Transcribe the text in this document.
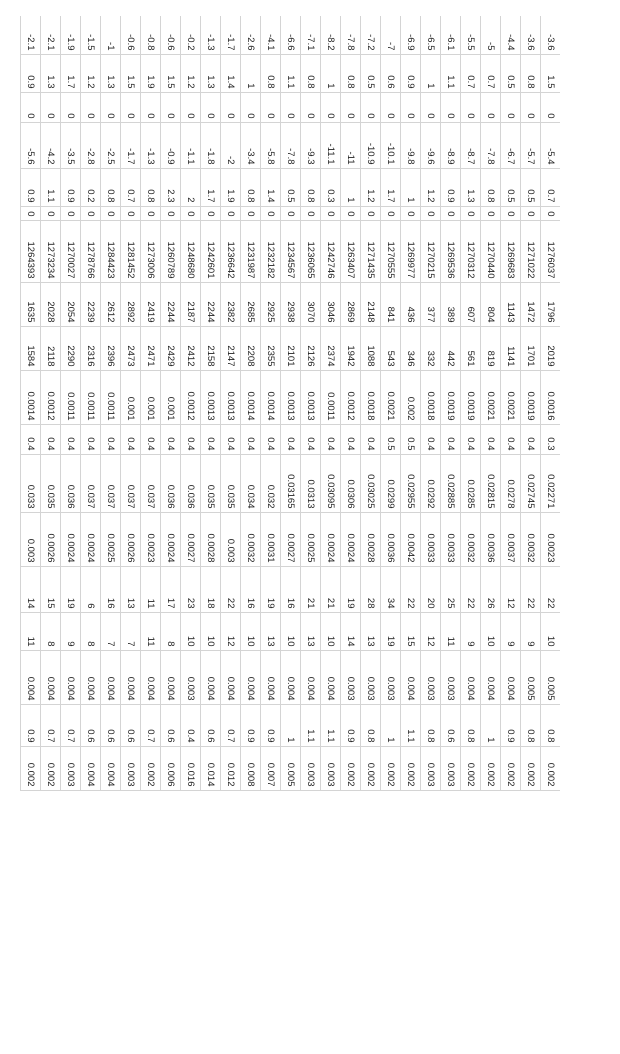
-3.6	1.5	0	-5.4	0.7	0	1276037	1796	2019	0.0016	0.3	0.02271	0.0023	22	10	0.005	0.8	0.002
-3.6	0.8	0	-5.7	0.5	0	1271022	1472	1701	0.0019	0.4	0.02745	0.0032	22	9	0.005	0.8	0.002
-4.4	0.5	0	-6.7	0.5	0	1269683	1143	1141	0.0021	0.4	0.0278	0.0037	12	9	0.004	0.9	0.002
-5	0.7	0	-7.8	0.8	0	1270440	804	819	0.0021	0.4	0.02815	0.0036	26	10	0.004	1	0.002
-5.5	0.7	0	-8.7	1.3	0	1270312	607	561	0.0019	0.4	0.0285	0.0032	22	9	0.004	0.8	0.002
-6.1	1.1	0	-8.9	0.9	0	1269536	389	442	0.0019	0.4	0.02885	0.0033	25	11	0.003	0.6	0.003
-6.5	1	0	-9.6	1.2	0	1270215	377	332	0.0018	0.4	0.0292	0.0033	20	12	0.003	0.8	0.003
-6.9	0.9	0	-9.8	1	0	1269977	436	346	0.002	0.5	0.02955	0.0042	22	15	0.004	1.1	0.002
-7	0.6	0	-10.1	1.7	0	1270555	841	543	0.0021	0.5	0.0299	0.0036	34	19	0.003	1	0.002
-7.2	0.5	0	-10.9	1.2	0	1271435	2148	1088	0.0018	0.4	0.03025	0.0028	28	13	0.003	0.8	0.002
-7.8	0.8	0	-11	1	0	1263407	2869	1942	0.0012	0.4	0.0306	0.0024	19	14	0.003	0.9	0.002
-8.2	1	0	-11.1	0.3	0	1242746	3046	2374	0.0011	0.4	0.03095	0.0024	21	10	0.004	1.1	0.003
-7.1	0.8	0	-9.3	0.8	0	1236065	3070	2126	0.0013	0.4	0.0313	0.0025	21	13	0.004	1.1	0.003
-6.6	1.1	0	-7.8	0.5	0	1234567	2938	2101	0.0013	0.4	0.03165	0.0027	16	10	0.004	1	0.005
-4.1	0.8	0	-5.8	1.4	0	1232182	2925	2355	0.0014	0.4	0.032	0.0031	19	13	0.004	0.9	0.007
-2.6	1	0	-3.4	0.8	0	1231987	2685	2208	0.0014	0.4	0.034	0.0032	16	10	0.004	0.9	0.008
-1.7	1.4	0	-2	1.9	0	1236642	2382	2147	0.0013	0.4	0.035	0.003	22	12	0.004	0.7	0.012
-1.3	1.3	0	-1.8	1.7	0	1242601	2244	2158	0.0013	0.4	0.035	0.0028	18	10	0.004	0.6	0.014
-0.2	1.2	0	-1.1	2	0	1248680	2187	2412	0.0012	0.4	0.036	0.0027	23	10	0.003	0.4	0.016
-0.6	1.5	0	-0.9	2.3	0	1260789	2244	2429	0.001	0.4	0.036	0.0024	17	8	0.004	0.6	0.006
-0.8	1.9	0	-1.3	0.8	0	1273006	2419	2471	0.001	0.4	0.037	0.0023	11	11	0.004	0.7	0.002
-0.6	1.5	0	-1.7	0.7	0	1281452	2892	2473	0.001	0.4	0.037	0.0026	13	7	0.004	0.6	0.003
-1	1.3	0	-2.5	0.8	0	1284423	2612	2396	0.0011	0.4	0.037	0.0025	16	7	0.004	0.6	0.004
-1.5	1.2	0	-2.8	0.2	0	1278766	2239	2316	0.0011	0.4	0.037	0.0024	6	8	0.004	0.6	0.004
-1.9	1.7	0	-3.5	0.9	0	1270027	2054	2290	0.0011	0.4	0.036	0.0024	19	9	0.004	0.7	0.003
-2.1	1.3	0	-4.2	1.1	0	1273234	2028	2118	0.0012	0.4	0.035	0.0026	15	8	0.004	0.7	0.002
-2.1	0.9	0	-5.6	0.9	0	1264393	1635	1584	0.0014	0.4	0.033	0.003	14	11	0.004	0.9	0.002
